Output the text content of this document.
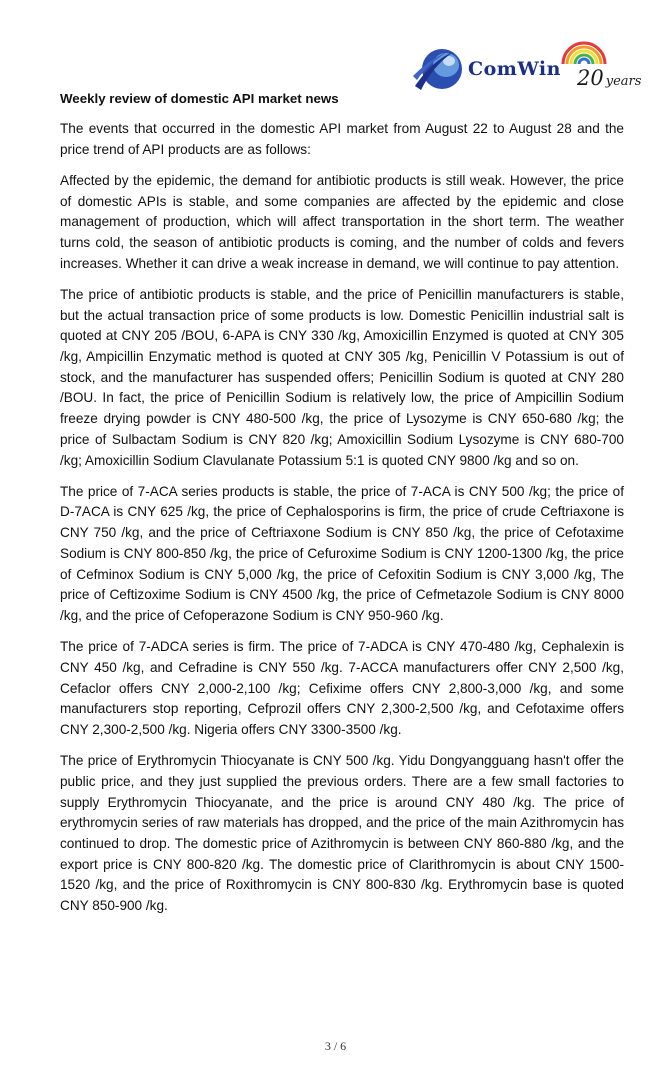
ComWin 20 years
Weekly review of domestic API market news

The events that occurred in the domestic API market from August 22 to August 28 and the price trend of API products are as follows:

Affected by the epidemic, the demand for antibiotic products is still weak. However, the price of domestic APIs is stable, and some companies are affected by the epidemic and close management of production, which will affect transportation in the short term. The weather turns cold, the season of antibiotic products is coming, and the number of colds and fevers increases. Whether it can drive a weak increase in demand, we will continue to pay attention.

The price of antibiotic products is stable, and the price of Penicillin manufacturers is stable, but the actual transaction price of some products is low. Domestic Penicillin industrial salt is quoted at CNY 205 /BOU, 6-APA is CNY 330 /kg, Amoxicillin Enzymed is quoted at CNY 305 /kg, Ampicillin Enzymatic method is quoted at CNY 305 /kg, Penicillin V Potassium is out of stock, and the manufacturer has suspended offers; Penicillin Sodium is quoted at CNY 280 /BOU. In fact, the price of Penicillin Sodium is relatively low, the price of Ampicillin Sodium freeze drying powder is CNY 480-500 /kg, the price of Lysozyme is CNY 650-680 /kg; the price of Sulbactam Sodium is CNY 820 /kg; Amoxicillin Sodium Lysozyme is CNY 680-700 /kg; Amoxicillin Sodium Clavulanate Potassium 5:1 is quoted CNY 9800 /kg and so on.

The price of 7-ACA series products is stable, the price of 7-ACA is CNY 500 /kg; the price of D-7ACA is CNY 625 /kg, the price of Cephalosporins is firm, the price of crude Ceftriaxone is CNY 750 /kg, and the price of Ceftriaxone Sodium is CNY 850 /kg, the price of Cefotaxime Sodium is CNY 800-850 /kg, the price of Cefuroxime Sodium is CNY 1200-1300 /kg, the price of Cefminox Sodium is CNY 5,000 /kg, the price of Cefoxitin Sodium is CNY 3,000 /kg, The price of Ceftizoxime Sodium is CNY 4500 /kg, the price of Cefmetazole Sodium is CNY 8000 /kg, and the price of Cefoperazone Sodium is CNY 950-960 /kg.

The price of 7-ADCA series is firm. The price of 7-ADCA is CNY 470-480 /kg, Cephalexin is CNY 450 /kg, and Cefradine is CNY 550 /kg. 7-ACCA manufacturers offer CNY 2,500 /kg, Cefaclor offers CNY 2,000-2,100 /kg; Cefixime offers CNY 2,800-3,000 /kg, and some manufacturers stop reporting, Cefprozil offers CNY 2,300-2,500 /kg, and Cefotaxime offers CNY 2,300-2,500 /kg. Nigeria offers CNY 3300-3500 /kg.

The price of Erythromycin Thiocyanate is CNY 500 /kg. Yidu Dongyangguang hasn't offer the public price, and they just supplied the previous orders. There are a few small factories to supply Erythromycin Thiocyanate, and the price is around CNY 480 /kg. The price of erythromycin series of raw materials has dropped, and the price of the main Azithromycin has continued to drop. The domestic price of Azithromycin is between CNY 860-880 /kg, and the export price is CNY 800-820 /kg. The domestic price of Clarithromycin is about CNY 1500-1520 /kg, and the price of Roxithromycin is CNY 800-830 /kg. Erythromycin base is quoted CNY 850-900 /kg.

3 / 6
